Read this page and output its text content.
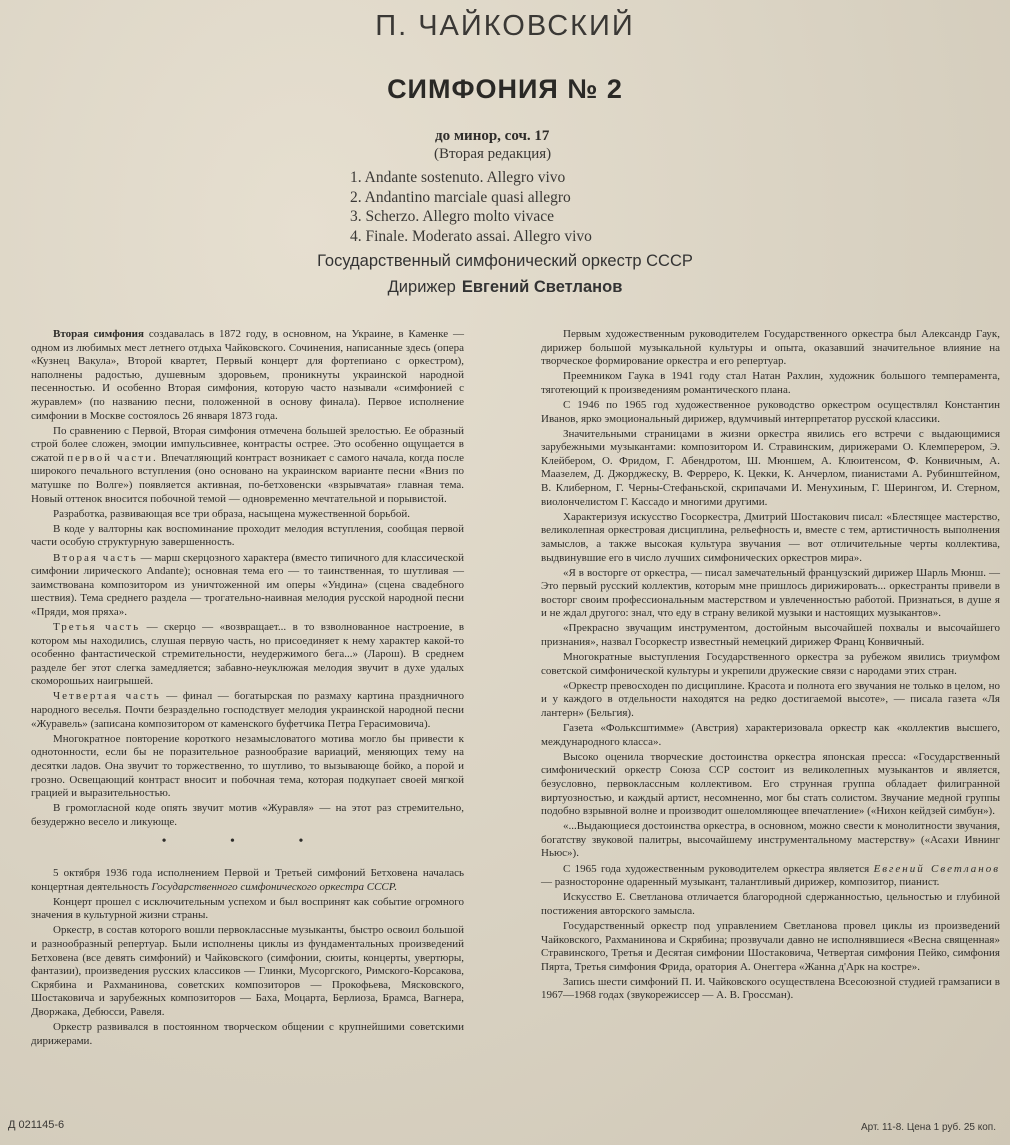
П. ЧАЙКОВСКИЙ
СИМФОНИЯ № 2
до минор, соч. 17
(Вторая редакция)
1. Andante sostenuto. Allegro vivo
2. Andantino marciale quasi allegro
3. Scherzo. Allegro molto vivace
4. Finale. Moderato assai. Allegro vivo
Государственный симфонический оркестр СССР
Дирижер Евгений Светланов

Вторая симфония создавалась в 1872 году, в основном, на Украине, в Каменке — одном из любимых мест летнего отдыха Чайковского. Сочинения, написанные здесь (опера «Кузнец Вакула», Второй квартет, Первый концерт для фортепиано с оркестром), наполнены радостью, душевным здоровьем, проникнуты украинской народной песенностью. И особенно Вторая симфония, которую часто называли «симфонией с журавлем» (по названию песни, положенной в основу финала). Первое исполнение симфонии в Москве состоялось 26 января 1873 года.

По сравнению с Первой, Вторая симфония отмечена большей зрелостью. Ее образный строй более сложен, эмоции импульсивнее, контрасты острее. Это особенно ощущается в сжатой первой части. Впечатляющий контраст возникает с самого начала, когда после широкого печального вступления (оно основано на украинском варианте песни «Вниз по матушке по Волге») появляется активная, по-бетховенски «взрывчатая» главная тема. Новый оттенок вносится побочной темой — одновременно мечтательной и порывистой.

Разработка, развивающая все три образа, насыщена мужественной борьбой.

В коде у валторны как воспоминание проходит мелодия вступления, сообщая первой части особую структурную завершенность.

Вторая часть — марш скерцозного характера (вместо типичного для классической симфонии лирического Andante); основная тема его — то таинственная, то шутливая — заимствована композитором из уничтоженной им оперы «Ундина» (сцена свадебного шествия). Тема среднего раздела — трогательно-наивная мелодия русской народной песни «Пряди, моя пряха».

Третья часть — скерцо — «возвращает... в то взволнованное настроение, в котором мы находились, слушая первую часть, но присоединяет к нему характер какой-то особенно фантастической стремительности, неудержимого бега...» (Ларош). В среднем разделе бег этот слегка замедляется; забавно-неуклюжая мелодия звучит в духе удалых скоморошьих наигрышей.

Четвертая часть — финал — богатырская по размаху картина праздничного народного веселья. Почти безраздельно господствует мелодия украинской народной песни «Журавель» (записана композитором от каменского буфетчика Петра Герасимовича).

Многократное повторение короткого незамысловатого мотива могло бы привести к однотонности, если бы не поразительное разнообразие вариаций, меняющих тему на десятки ладов. Она звучит то торжественно, то шутливо, то вызывающе бойко, а порой и грозно. Освещающий контраст вносит и побочная тема, которая подкупает своей мягкой грацией и выразительностью.

В громогласной коде опять звучит мотив «Журавля» — на этот раз стремительно, безудержно весело и ликующе.

• • •

5 октября 1936 года исполнением Первой и Третьей симфоний Бетховена началась концертная деятельность Государственного симфонического оркестра СССР.

Концерт прошел с исключительным успехом и был воспринят как событие огромного значения в культурной жизни страны.

Оркестр, в состав которого вошли первоклассные музыканты, быстро освоил большой и разнообразный репертуар. Были исполнены циклы из фундаментальных произведений Бетховена (все девять симфоний) и Чайковского (симфонии, сюиты, концерты, увертюры, фантазии), произведения русских классиков — Глинки, Мусоргского, Римского-Корсакова, Скрябина и Рахманинова, советских композиторов — Прокофьева, Мясковского, Шостаковича и зарубежных композиторов — Баха, Моцарта, Берлиоза, Брамса, Вагнера, Дворжака, Дебюсси, Равеля.

Оркестр развивался в постоянном творческом общении с крупнейшими советскими дирижерами.

Первым художественным руководителем Государственного оркестра был Александр Гаук, дирижер большой музыкальной культуры и опыта, оказавший значительное влияние на творческое формирование оркестра и его репертуар.

Преемником Гаука в 1941 году стал Натан Рахлин, художник большого темперамента, тяготеющий к произведениям романтического плана.

С 1946 по 1965 год художественное руководство оркестром осуществлял Константин Иванов, ярко эмоциональный дирижер, вдумчивый интерпретатор русской классики.

Значительными страницами в жизни оркестра явились его встречи с выдающимися зарубежными музыкантами: композитором И. Стравинским, дирижерами О. Клемперером, Э. Клейбером, О. Фридом, Г. Абендротом, Ш. Мюншем, А. Клюитенсом, Ф. Конвичным, А. Маазелем, Д. Джорджеску, В. Ферреро, К. Цекки, К. Анчерлом, пианистами А. Рубинштейном, В. Клиберном, Г. Черны-Стефаньской, скрипачами И. Менухиным, Г. Шерингом, И. Стерном, виолончелистом Г. Кассадо и многими другими.

Характеризуя искусство Госоркестра, Дмитрий Шостакович писал: «Блестящее мастерство, великолепная оркестровая дисциплина, рельефность и, вместе с тем, артистичность выполнения замыслов, а также высокая культура звучания — вот отличительные черты коллектива, выдвинувшие его в число лучших симфонических оркестров мира».

«Я в восторге от оркестра, — писал замечательный французский дирижер Шарль Мюнш. — Это первый русский коллектив, которым мне пришлось дирижировать... оркестранты привели в восторг своим профессиональным мастерством и увлеченностью работой. Признаться, в душе я и не ждал другого: знал, что еду в страну великой музыки и настоящих музыкантов».

«Прекрасно звучащим инструментом, достойным высочайшей похвалы и высочайшего признания», назвал Госоркестр известный немецкий дирижер Франц Конвичный.

Многократные выступления Государственного оркестра за рубежом явились триумфом советской симфонической культуры и укрепили дружеские связи с народами этих стран.

«Оркестр превосходен по дисциплине. Красота и полнота его звучания не только в целом, но и у каждого в отдельности находятся на редко достигаемой высоте», — писала газета «Ля лантерн» (Бельгия).

Газета «Фолькcштимме» (Австрия) характеризовала оркестр как «коллектив высшего, международного класса».

Высоко оценила творческие достоинства оркестра японская пресса: «Государственный симфонический оркестр Союза ССР состоит из великолепных музыкантов и является, безусловно, первоклассным коллективом. Его струнная группа обладает филигранной виртуозностью, и каждый артист, несомненно, мог бы стать солистом. Звучание медной группы подобно взрывной волне и производит ошеломляющее впечатление» («Нихон кейдзей симбун»).

«...Выдающиеся достоинства оркестра, в основном, можно свести к монолитности звучания, богатству звуковой палитры, высочайшему инструментальному мастерству» («Асахи Ивнинг Ньюс»).

С 1965 года художественным руководителем оркестра является Евгений Светланов — разносторонне одаренный музыкант, талантливый дирижер, композитор, пианист.

Искусство Е. Светланова отличается благородной сдержанностью, цельностью и глубиной постижения авторского замысла.

Государственный оркестр под управлением Светланова провел циклы из произведений Чайковского, Рахманинова и Скрябина; прозвучали давно не исполнявшиеся «Весна священная» Стравинского, Третья и Десятая симфонии Шостаковича, Четвертая симфония Пейко, симфония Пярта, Третья симфония Фрида, оратория А. Онеггера «Жанна д'Арк на костре».

Запись шести симфоний П. И. Чайковского осуществлена Всесоюзной студией грамзаписи в 1967—1968 годах (звукорежиссер — А. В. Гроссман).

Д 021145-6	Арт. 11-8. Цена 1 руб. 25 коп.
